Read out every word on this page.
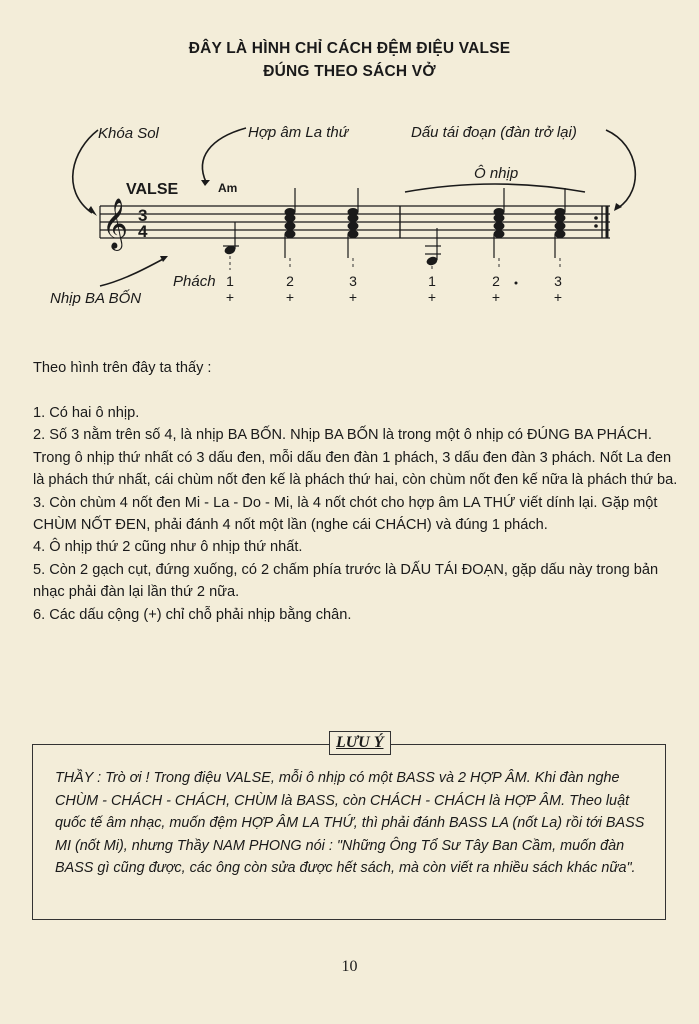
ĐÂY LÀ HÌNH CHỈ CÁCH ĐỆM ĐIỆU VALSE
ĐÚNG THEO SÁCH VỞ
Khóa Sol	Hợp âm La thứ	Dấu tái đoạn (đàn trở lại)
Ô nhịp
VALSE	Am
Nhịp BA BỐN
Phách
𝄞 3
4
1	2	3	1	2	3
+	+	+	+	+	+
Theo hình trên đây ta thấy :

1. Có hai ô nhịp.

2. Số 3 nằm trên số 4, là nhịp BA BỐN. Nhịp BA BỐN là trong một ô nhịp có ĐÚNG BA PHÁCH. Trong ô nhịp thứ nhất có 3 dấu đen, mỗi dấu đen đàn 1 phách, 3 dấu đen đàn 3 phách. Nốt La đen là phách thứ nhất, cái chùm nốt đen kế là phách thứ hai, còn chùm nốt đen kế nữa là phách thứ ba.

3. Còn chùm 4 nốt đen Mi - La - Do - Mi, là 4 nốt chót cho hợp âm LA THỨ viết dính lại. Gặp một CHÙM NỐT ĐEN, phải đánh 4 nốt một lần (nghe cái CHÁCH) và đúng 1 phách.

4. Ô nhịp thứ 2 cũng như ô nhịp thứ nhất.

5. Còn 2 gạch cụt, đứng xuống, có 2 chấm phía trước là DẤU TÁI ĐOẠN, gặp dấu này trong bản nhạc phải đàn lại lần thứ 2 nữa.

6. Các dấu cộng (+) chỉ chỗ phải nhịp bằng chân.

LƯU Ý
THẦY : Trò ơi ! Trong điệu VALSE, mỗi ô nhịp có một BASS và 2 HỢP ÂM. Khi đàn nghe CHÙM - CHÁCH - CHÁCH, CHÙM là BASS, còn CHÁCH - CHÁCH là HỢP ÂM. Theo luật quốc tế âm nhạc, muốn đệm HỢP ÂM LA THỨ, thì phải đánh BASS LA (nốt La) rồi tới BASS MI (nốt Mi), nhưng Thầy NAM PHONG nói : "Những Ông Tổ Sư Tây Ban Cầm, muốn đàn BASS gì cũng được, các ông còn sửa được hết sách, mà còn viết ra nhiều sách khác nữa".
10
